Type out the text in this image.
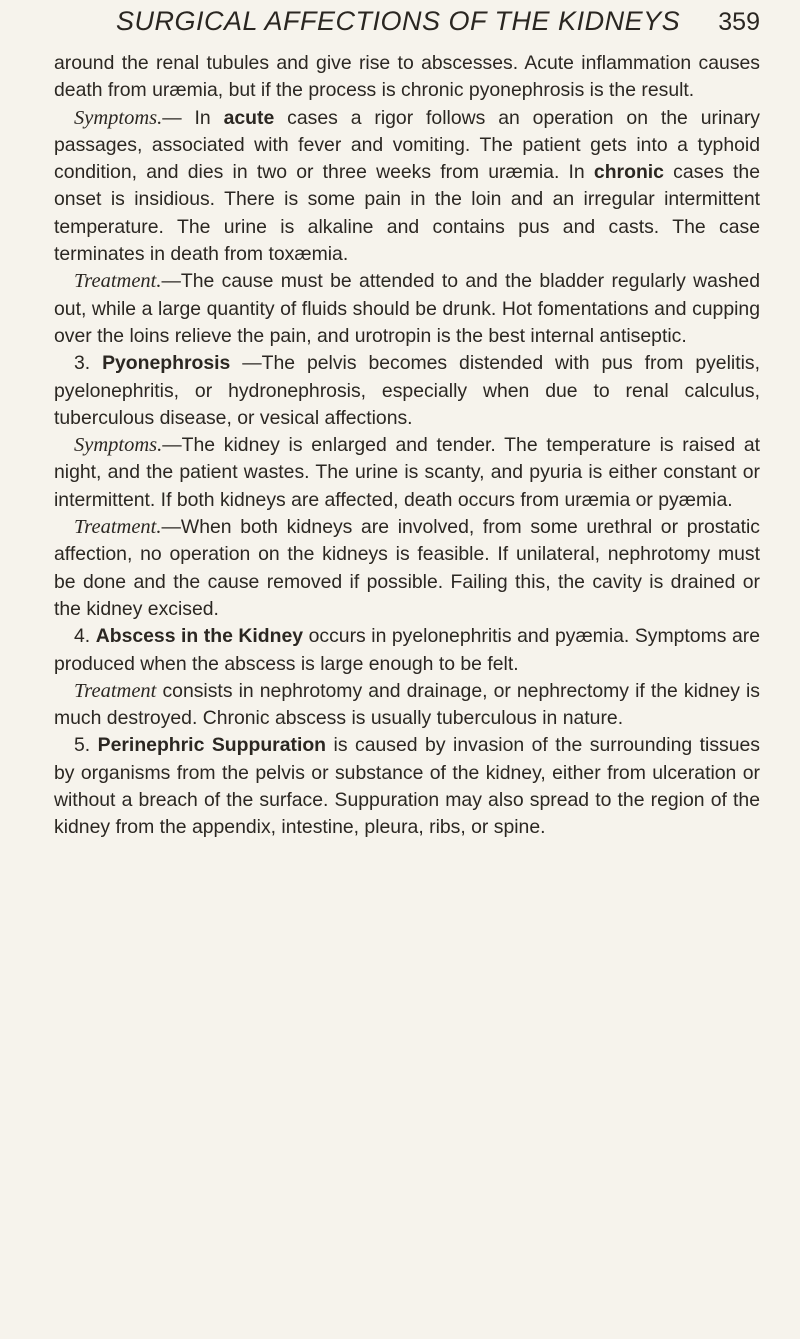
SURGICAL AFFECTIONS OF THE KIDNEYS 359

around the renal tubules and give rise to abscesses. Acute inflammation causes death from uræmia, but if the process is chronic pyonephrosis is the result.

Symptoms.— In acute cases a rigor follows an operation on the urinary passages, associated with fever and vomiting. The patient gets into a typhoid condition, and dies in two or three weeks from uræmia. In chronic cases the onset is insidious. There is some pain in the loin and an irregular intermittent temperature. The urine is alkaline and contains pus and casts. The case terminates in death from toxæmia.

Treatment.—The cause must be attended to and the bladder regularly washed out, while a large quantity of fluids should be drunk. Hot fomentations and cupping over the loins relieve the pain, and urotropin is the best internal antiseptic.

3. Pyonephrosis —The pelvis becomes distended with pus from pyelitis, pyelonephritis, or hydronephrosis, especially when due to renal calculus, tuberculous disease, or vesical affections.

Symptoms.—The kidney is enlarged and tender. The temperature is raised at night, and the patient wastes. The urine is scanty, and pyuria is either constant or intermittent. If both kidneys are affected, death occurs from uræmia or pyæmia.

Treatment.—When both kidneys are involved, from some urethral or prostatic affection, no operation on the kidneys is feasible. If unilateral, nephrotomy must be done and the cause removed if possible. Failing this, the cavity is drained or the kidney excised.

4. Abscess in the Kidney occurs in pyelonephritis and pyæmia. Symptoms are produced when the abscess is large enough to be felt.

Treatment consists in nephrotomy and drainage, or nephrectomy if the kidney is much destroyed. Chronic abscess is usually tuberculous in nature.

5. Perinephric Suppuration is caused by invasion of the surrounding tissues by organisms from the pelvis or substance of the kidney, either from ulceration or without a breach of the surface. Suppuration may also spread to the region of the kidney from the appendix, intestine, pleura, ribs, or spine.
